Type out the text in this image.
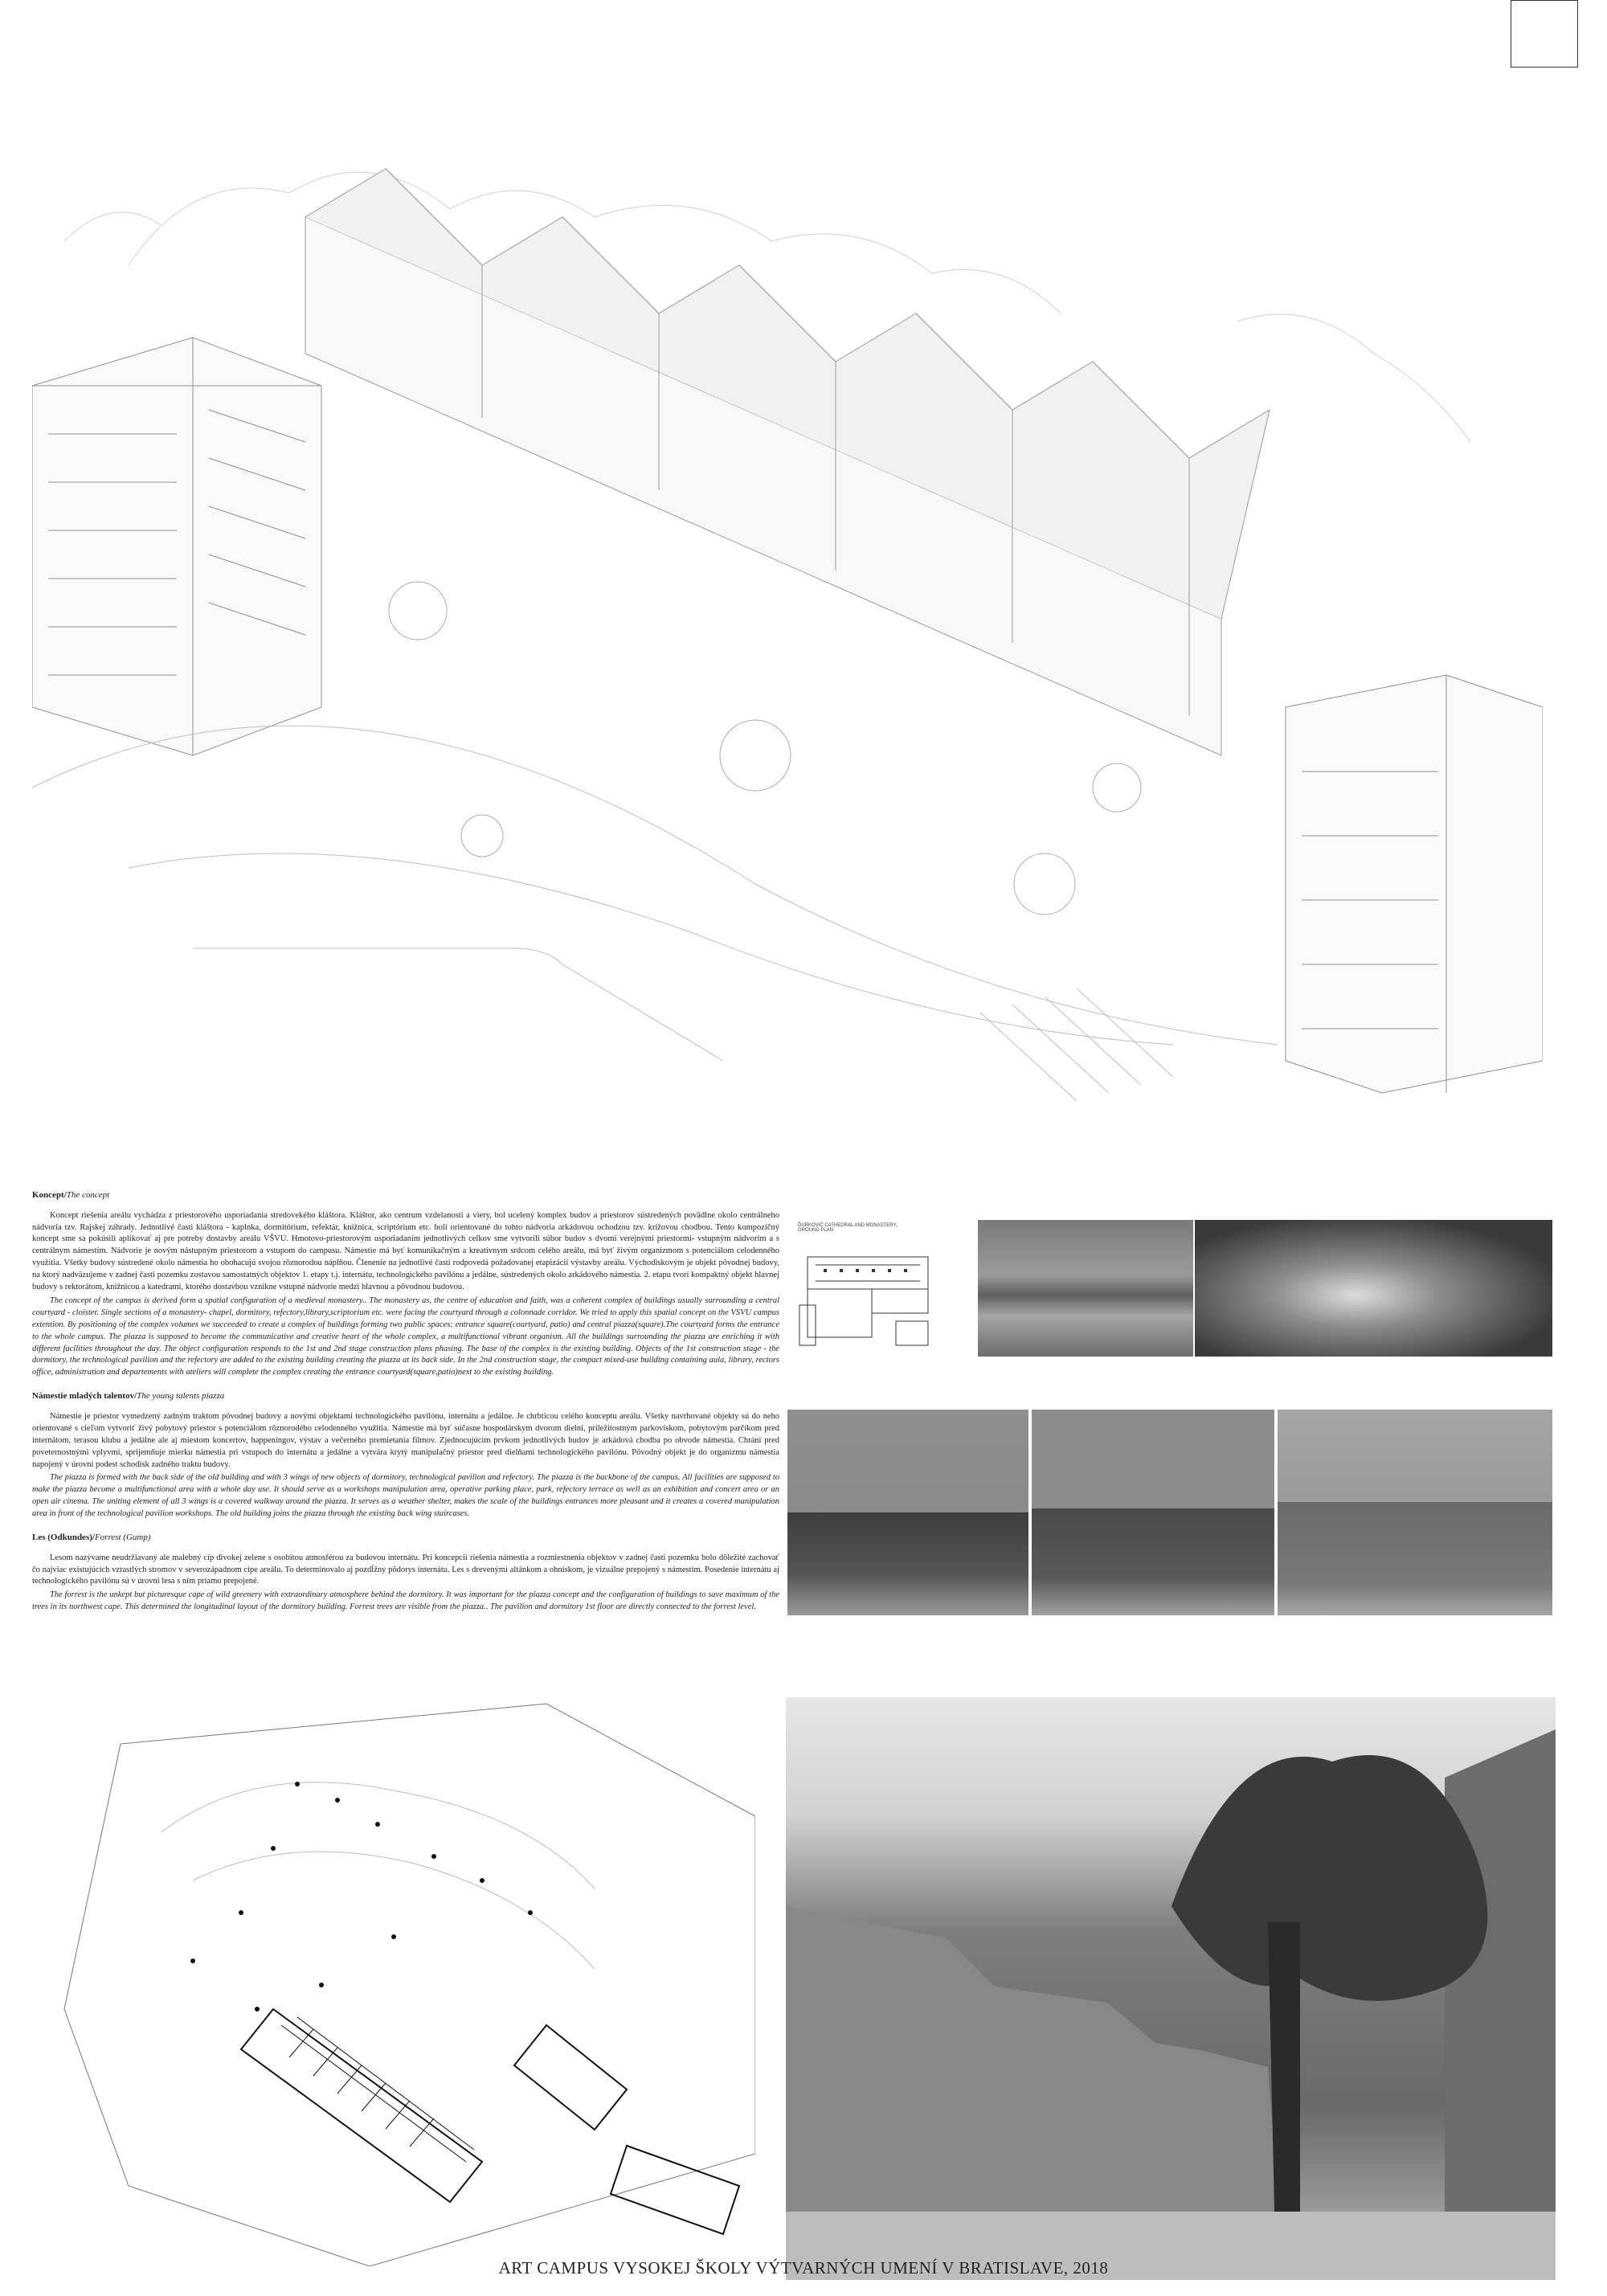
Koncept/The concept

Koncept riešenia areálu vychádza z priestorového usporiadania stredovekého kláštora. Kláštor, ako centrum vzdelanosti a viery, bol ucelený komplex budov a priestorov sústredených povädlne okolo centrálneho nádvoria tzv. Rajskej záhrady. Jednotlivé časti kláštora - kaplnka, dormitórium, refektár, knižnica, scriptórium etc. boli orientované do tohto nádvoria arkádovou ochodzou tzv. krížovou chodbou. Tento kompozičný koncept sme sa pokúsili aplikovať aj pre potreby dostavby areálu VŠVU. Hmotovo-priestorovým usporiadaním jednotlivých celkov sme vytvorili súbor budov s dvomi verejnými priestormi- vstupným nádvorím a s centrálnym námestím. Nádvorie je novým nástupným priestorom a vstupom do campusu. Námestie má byť komunikačným a kreatívnym srdcom celého areálu, má byť živým organizmom s potenciálom celodenného využitia. Všetky budovy sústredené okolo námestia ho obohacujú svojou rôznorodou náplňou. Členenie na jednotlivé časti rodpovedá požadovanej etapizácii výstavby areálu. Východiskovým je objekt pôvodnej budovy, na ktorý nadväzujeme v zadnej časti pozemku zostavou samostatných objektov 1. etapy t.j. internátu, technologického pavilónu a jedálne, sústredených okolo arkádového námestia. 2. etapu tvorí kompaktný objekt hlavnej budovy s rektorátom, knižnicou a katedrami, ktorého dostavbou vznikne vstupné nádvorie medzi hlavnou a pôvodnou budovou.

The concept of the campus is derived form a spatial configuration of a medieval monastery.. The monastery as, the centre of education and faith, was a coherent complex of buildings usually surrounding a central courtyard - cloister. Single sections of a monastery- chapel, dormitory, refectory,library,scriptorium etc. were facing the courtyard through a colonnade corridor. We tried to apply this spatial concept on the VSVU campus extention. By positioning of the complex volumes we succeeded to create a complex of buildings forming two public spaces: entrance square(courtyard, patio) and central piazza(square).The courtyard forms the entrance to the whole campus. The piazza is supposed to become the communicative and creative heart of the whole complex, a multifunctional vibrant organism. All the buildings surrounding the piazza are enriching it with different facilities throughout the day. The object configuration responds to the 1st and 2nd stage construction plans phasing. The base of the complex is the existing building. Objects of the 1st construction stage - the dormitory, the technological pavilion and the refectory are added to the existing building creating the piazza at its back side. In the 2nd construction stage, the compact mixed-use building containing aula, library, rectors office, administration and departements with ateliers will complete the complex creating the entrance courtyard(square,patio)next to the existing building.

Námestie mladých talentov/The young talents piazza

Námestie je priestor vymedzený zadným traktom pôvodnej budovy a novými objektami technologického pavilónu, internátu a jedálne. Je chrbticou celého konceptu areálu. Všetky navrhované objekty sú do neho orientované s cieľom vytvoriť živý pobytový priestor s potenciálom rôznorodého celodenného využitia. Námestie má byť súčasne hospodárskym dvorom dielní, príležitostným parkoviskom, pobytovým parčíkom pred internátom, terasou klubu a jedálne ale aj miestom koncertov, happeningov, výstav a večerného premietania filmov. Zjednocujúcim prvkom jednotlivých budov je arkádová chodba po obvode námestia. Chráni pred poveternostnými vplyvmi, sprijemňuje mierku námestia pri vstupoch do internátu a jedálne a vytvára krytý manipulačný priestor pred dielňami technologického pavilónu. Pôvodný objekt je do organizmu námestia napojený v úrovni podest schodísk zadného traktu budovy.

The piazza is formed with the back side of the old building and with 3 wings of new objects of dormitory, technological pavilion and refectory. The piazza is the backbone of the campus. All facilities are supposed to make the piazza become a multifunctional area with a whole day use. It should serve as a workshops manipulation area, operative parking place, park, refectory terrace as well as an exhibition and concert area or an open air cinema. The uniting element of all 3 wings is a covered walkway around the piazza. It serves as a weather shelter, makes the scale of the buildings entrances more pleasant and it creates a covered manipulation area in front of the technological pavilion workshops. The old building joins the piazza through the existing back wing staircases.

Les (Odkundes)/Forrest (Gump)

Lesom nazývame neudržiavaný ale malebný cíp divokej zelene s osobitou atmosférou za budovou internátu. Pri koncepcii riešenia námestia a rozmiestnenia objektov v zadnej časti pozemku bolo dôležité zachovať čo najviac existujúcich vzrastlých stromov v severozápadnom cípe areálu. To determinovalo aj pozdĺžny pôdorys internátu. Les s drevenými altánkom a ohniskom, je vizuálne prepojený s námestím. Posedenie internátu aj technologického pavilónu sú v úrovni lesa s ním priamo prepojené.

The forrest is the unkept but picturesque cape of wild greenery with extraordinary atmosphere behind the dormitory. It was important for the piazza concept and the configuration of buildings to save maximum of the trees in its northwest cape. This determined the longitudinal layout of the dormitory building. Forrest trees are visible from the piazza.. The pavilion and dormitory 1st floor are directly connected to the forrest level.

ĎURKOVIČ CATHEDRAL AND MONASTERY, GROUND PLAN
ART CAMPUS VYSOKEJ ŠKOLY VÝTVARNÝCH UMENÍ V BRATISLAVE, 2018
